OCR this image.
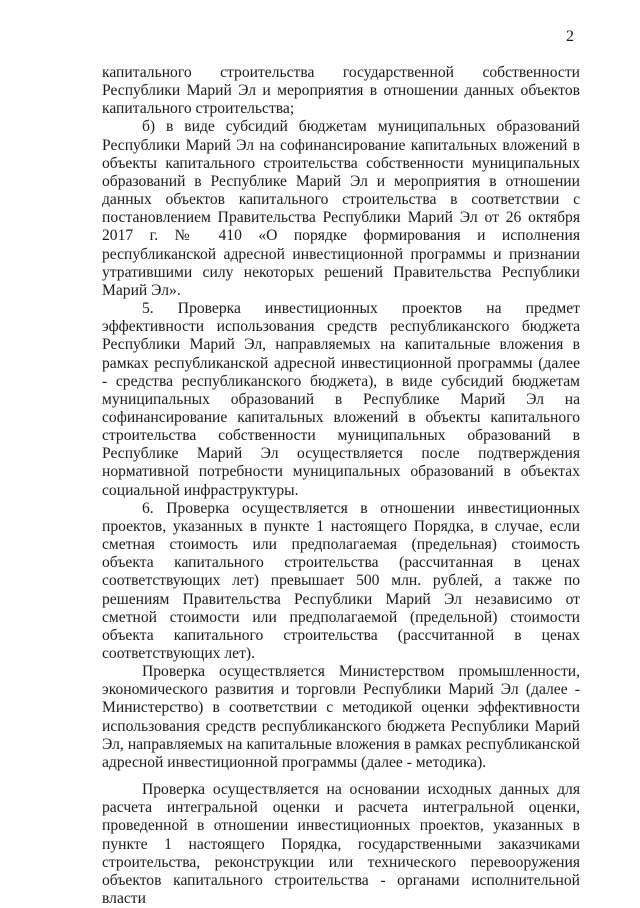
2

капитального строительства государственной собственности Республики Марий Эл и мероприятия в отношении данных объектов капитального строительства;

б) в виде субсидий бюджетам муниципальных образований Республики Марий Эл на софинансирование капитальных вложений в объекты капитального строительства собственности муниципальных образований в Республике Марий Эл и мероприятия в отношении данных объектов капитального строительства в соответствии с постановлением Правительства Республики Марий Эл от 26 октября 2017 г. № 410 «О порядке формирования и исполнения республиканской адресной инвестиционной программы и признании утратившими силу некоторых решений Правительства Республики Марий Эл».

5. Проверка инвестиционных проектов на предмет эффективности использования средств республиканского бюджета Республики Марий Эл, направляемых на капитальные вложения в рамках республиканской адресной инвестиционной программы (далее - средства республиканского бюджета), в виде субсидий бюджетам муниципальных образований в Республике Марий Эл на софинансирование капитальных вложений в объекты капитального строительства собственности муниципальных образований в Республике Марий Эл осуществляется после подтверждения нормативной потребности муниципальных образований в объектах социальной инфраструктуры.

6. Проверка осуществляется в отношении инвестиционных проектов, указанных в пункте 1 настоящего Порядка, в случае, если сметная стоимость или предполагаемая (предельная) стоимость объекта капитального строительства (рассчитанная в ценах соответствующих лет) превышает 500 млн. рублей, а также по решениям Правительства Республики Марий Эл независимо от сметной стоимости или предполагаемой (предельной) стоимости объекта капитального строительства (рассчитанной в ценах соответствующих лет).

Проверка осуществляется Министерством промышленности, экономического развития и торговли Республики Марий Эл (далее - Министерство) в соответствии с методикой оценки эффективности использования средств республиканского бюджета Республики Марий Эл, направляемых на капитальные вложения в рамках республиканской адресной инвестиционной программы (далее - методика).

Проверка осуществляется на основании исходных данных для расчета интегральной оценки и расчета интегральной оценки, проведенной в отношении инвестиционных проектов, указанных в пункте 1 настоящего Порядка, государственными заказчиками строительства, реконструкции или технического перевооружения объектов капитального строительства - органами исполнительной власти
